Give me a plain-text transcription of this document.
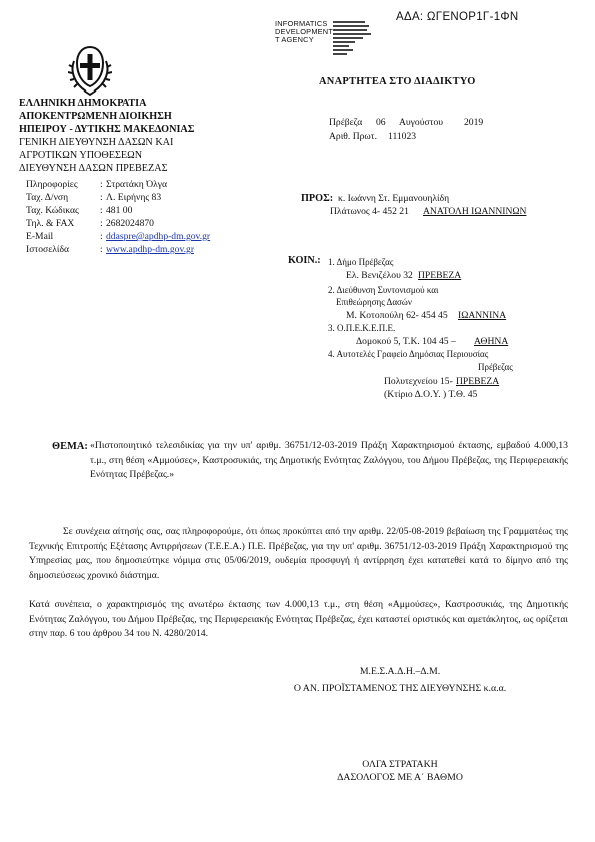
ΑΔΑ: ΩΓΕΝΟΡ1Γ-1ΦΝ
INFORMATICS
DEVELOPMENT
T AGENCY
ΑΝΑΡΤΗΤΕΑ ΣΤΟ ΔΙΑΔΙΚΤΥΟ
ΕΛΛΗΝΙΚΗ ΔΗΜΟΚΡΑΤΙΑ
ΑΠΟΚΕΝΤΡΩΜΕΝΗ ΔΙΟΙΚΗΣΗ
ΗΠΕΙΡΟΥ - ΔΥΤΙΚΗΣ ΜΑΚΕΔΟΝΙΑΣ
ΓΕΝΙΚΗ ΔΙΕΥΘΥΝΣΗ ΔΑΣΩΝ ΚΑΙ
ΑΓΡΟΤΙΚΩΝ ΥΠΟΘΕΣΕΩΝ
ΔΙΕΥΘΥΝΣΗ ΔΑΣΩΝ ΠΡΕΒΕΖΑΣ
Πληροφορίες : Στρατάκη Όλγα
Ταχ. Δ/νση	: Λ. Ειρήνης 83
Ταχ. Κώδικας : 481 00
Τηλ. & FAX	: 2682024870
E-Mail	: ddaspre@apdhp-dm.gov.gr
Ιστοσελίδα	: www.apdhp-dm.gov.gr
Πρέβεζα 06 Αυγούστου 2019
Αριθ. Πρωτ. 111023
ΠΡΟΣ: κ. Ιωάννη Στ. Εμμανουηλίδη
Πλάτωνος 4- 452 21 ΑΝΑΤΟΛΗ ΙΩΑΝΝΙΝΩΝ
ΚΟΙΝ.: 1. Δήμο Πρέβεζας
Ελ. Βενιζέλου 32 ΠΡΕΒΕΖΑ
2. Διεύθυνση Συντονισμού και
Επιθεώρησης Δασών
Μ. Κοτοπούλη 62- 454 45 ΙΩΑΝΝΙΝΑ
3. Ο.Π.Ε.Κ.Ε.Π.Ε.
Δομοκού 5, Τ.Κ. 104 45 – ΑΘΗΝΑ
4. Αυτοτελές Γραφείο Δημόσιας Περιουσίας
Πρέβεζας
Πολυτεχνείου 15- ΠΡΕΒΕΖΑ
(Κτίριο Δ.Ο.Υ. ) Τ.Θ. 45
ΘΕΜΑ: «Πιστοποιητικό τελεσιδικίας για την υπ' αριθμ. 36751/12-03-2019 Πράξη Χαρακτηρισμού έκτασης, εμβαδού 4.000,13 τ.μ., στη θέση «Αμμούσες», Καστροσυκιάς, της Δημοτικής Ενότητας Ζαλόγγου, του Δήμου Πρέβεζας, της Περιφερειακής Ενότητας Πρέβεζας.»
Σε συνέχεια αίτησής σας, σας πληροφορούμε, ότι όπως προκύπτει από την αριθμ. 22/05-08-2019 βεβαίωση της Γραμματέως της Τεχνικής Επιτροπής Εξέτασης Αντιρρήσεων (Τ.Ε.Ε.Α.) Π.Ε. Πρέβεζας, για την υπ' αριθμ. 36751/12-03-2019 Πράξη Χαρακτηρισμού της Υπηρεσίας μας, που δημοσιεύτηκε νόμιμα στις 05/06/2019, ουδεμία προσφυγή ή αντίρρηση έχει κατατεθεί κατά το δίμηνο από της δημοσιεύσεως χρονικό διάστημα.
Κατά συνέπεια, ο χαρακτηρισμός της ανωτέρω έκτασης των 4.000,13 τ.μ., στη θέση «Αμμούσες», Καστροσυκιάς, της Δημοτικής Ενότητας Ζαλόγγου, του Δήμου Πρέβεζας, της Περιφερειακής Ενότητας Πρέβεζας, έχει καταστεί οριστικός και αμετάκλητος, ως ορίζεται στην παρ. 6 του άρθρου 34 του Ν. 4280/2014.
Μ.Ε.Σ.Α.Δ.Η.–Δ.Μ.
Ο ΑΝ. ΠΡΟΪΣΤΑΜΕΝΟΣ ΤΗΣ ΔΙΕΥΘΥΝΣΗΣ κ.α.α.
ΟΛΓΑ ΣΤΡΑΤΑΚΗ
ΔΑΣΟΛΟΓΟΣ ΜΕ Α΄ ΒΑΘΜΟ
